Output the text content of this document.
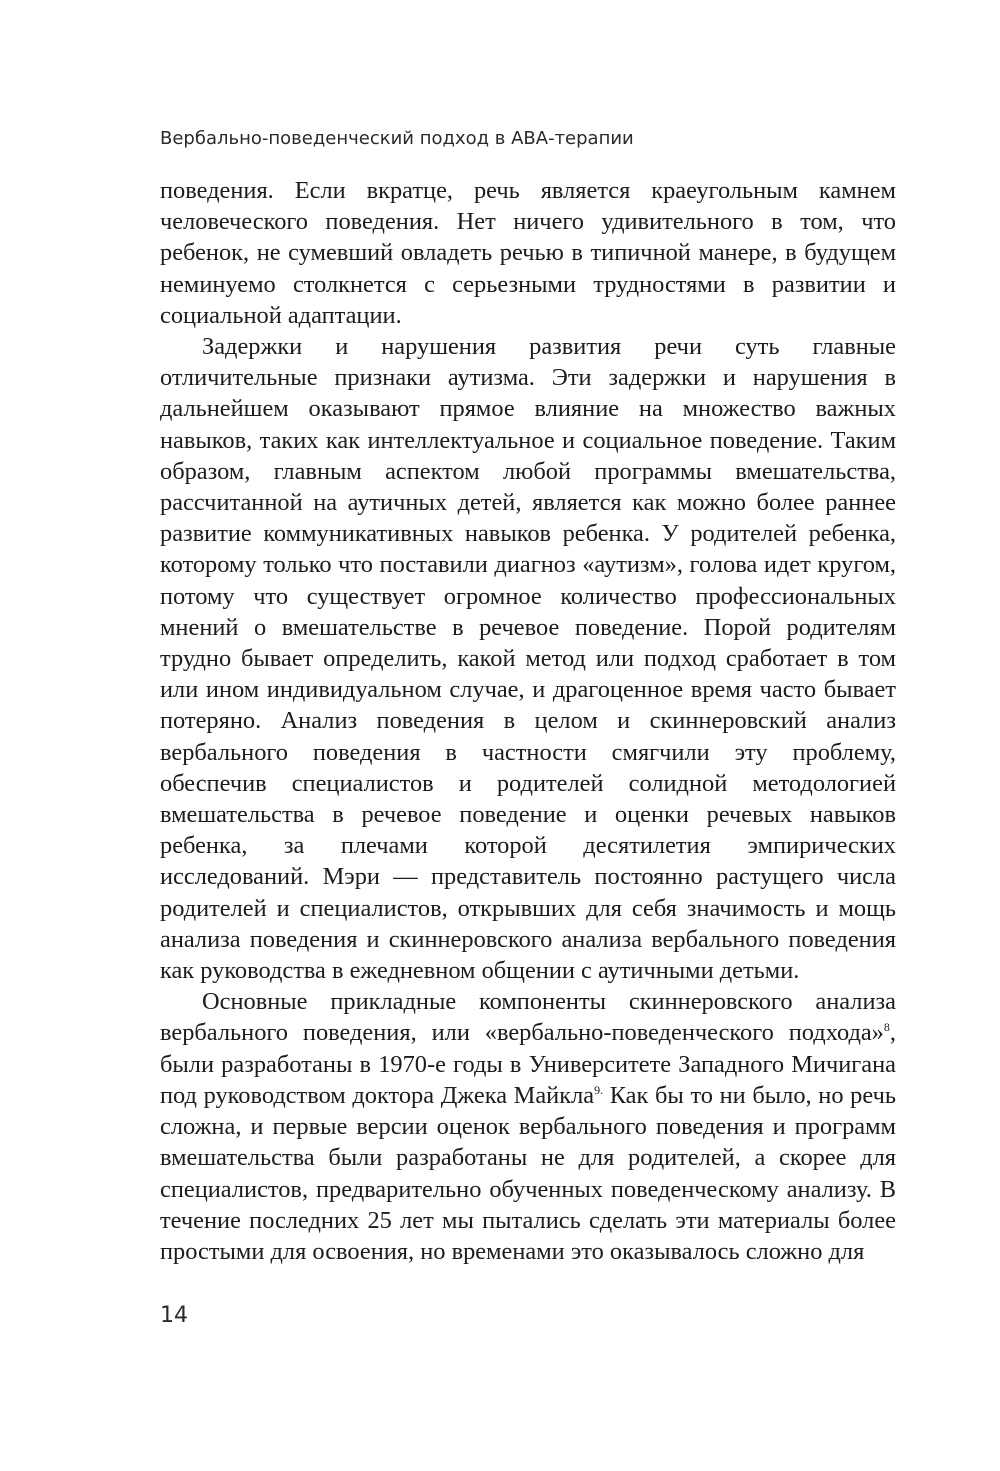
Вербально-поведенческий подход в АВА-терапии

поведения. Если вкратце, речь является краеугольным камнем человеческого поведения. Нет ничего удивительного в том, что ребенок, не сумевший овладеть речью в типичной манере, в будущем неминуемо столкнется с серьезными трудностями в развитии и социальной адаптации.

Задержки и нарушения развития речи суть главные отличительные признаки аутизма. Эти задержки и нарушения в дальнейшем оказывают прямое влияние на множество важных навыков, таких как интеллектуальное и социальное поведение. Таким образом, главным аспектом любой программы вмешательства, рассчитанной на аутичных детей, является как можно более раннее развитие коммуникативных навыков ребенка. У родителей ребенка, которому только что поставили диагноз «аутизм», голова идет кругом, потому что существует огромное количество профессиональных мнений о вмешательстве в речевое поведение. Порой родителям трудно бывает определить, какой метод или подход сработает в том или ином индивидуальном случае, и драгоценное время часто бывает потеряно. Анализ поведения в целом и скиннеровский анализ вербального поведения в частности смягчили эту проблему, обеспечив специалистов и родителей солидной методологией вмешательства в речевое поведение и оценки речевых навыков ребенка, за плечами которой десятилетия эмпирических исследований. Мэри — представитель постоянно растущего числа родителей и специалистов, открывших для себя значимость и мощь анализа поведения и скиннеровского анализа вербального поведения как руководства в ежедневном общении с аутичными детьми.

Основные прикладные компоненты скиннеровского анализа вербального поведения, или «вербально-поведенческого подхода»$^8$, были разработаны в 1970-е годы в Университете Западного Мичигана под руководством доктора Джека Майкла$^{9.}$ Как бы то ни было, но речь сложна, и первые версии оценок вербального поведения и программ вмешательства были разработаны не для родителей, а скорее для специалистов, предварительно обученных поведенческому анализу. В течение последних 25 лет мы пытались сделать эти материалы более простыми для освоения, но временами это оказывалось сложно для

14
